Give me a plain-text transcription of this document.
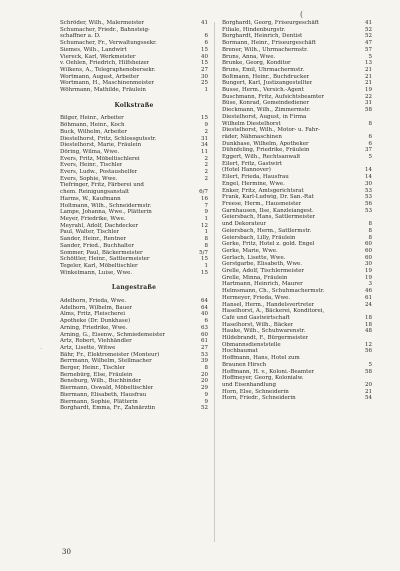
(
–
Schröder, Wilh., Malermeister	41
Schumacher, Friedr., Bahnsteig-
schaffner a. D.	6
Schumacher, Fr., Verwaltungssekr.	6
Siemes, Wilh., Landwirt	15
Viereck, Karl, Werkmeister	40
v. Oehlen, Friedrich, Hilfsheizer	15
Wilkens, A., Telegraphenobersekr.	27
Wortmann, August, Arbeiter	30
Wortmann, H., Maschinenmeister	25
Wöhrmann, Mathilde, Fräulein	1
Kolkstraße
Bilger, Heinr., Arbeiter	15
Böhmann, Heinr., Koch	9
Buck, Wilhelm, Arbeiter	2
Diestelhorst, Fritz, Schlossgutsstr.	31
Diestelhorst, Marie, Fräulein	34
Döring, Wilma, Wwe.	11
Evers, Fritz, Möbeltischlerei	2
Evers, Heinr., Tischler	2
Evers, Ludw., Postaushelfer	2
Evers, Sophie, Wwe.	2
Tiefringer, Fritz, Färberei und
chem. Reinigungsanstalt	6/7
Harms, W., Kaufmann	16
Holtmann, Wilh., Schneidermstr.	7
Lampe, Johanna, Wwe., Plätterin	9
Meyer, Friedrike, Wwe.	1
Meyrahl, Adolf, Dachdecker	12
Paul, Walter, Tischler	1
Sander, Heinr., Rentner	8
Sander, Fried., Buchhalter	8
Sommer, Paul, Bäckermeister	5/7
Schöttler, Heinr., Sattlermeister	15
Tegeler, Karl, Möbeltischler	1
Winkelmann, Luise, Wwe.	15
Langestraße
Adelhorn, Frieda, Wwe.	64
Adelhorn, Wilhelm, Bauer	64
Alms, Fritz, Fleischerei	40
Apotheke (Dr. Dunkhase)	6
Arning, Friedrike, Wwe.	63
Arning, G., Eisenw., Schmiedemeister	60
Artz, Robert, Viehhändler	61
Artz, Lisette, Witwe	27
Bähr, Fr., Elektromeister (Monteur)	53
Berrmann, Wilhelm, Stellmacher	39
Berger, Heinr., Tischler	8
Bernebürg, Else, Fräulein	20
Beneburg, Wilh., Buchbinder	20
Biermann, Oswald, Möbeltischler	29
Biermann, Elisabeth, Hausfrau	9
Biermann, Sophie, Plätterin	9
Borghardt, Emma, Fr., Zahnärztin	52
Borghardt, Georg, Friseurgeschäft	41
Filiale, Hindenburgstr.	52
Borghardt, Heinrich, Dentist	52
Bormann, Heinr., Friseurgeschäft	47
Brener, Wilh., Uhrmachermstr.	57
Bruns, Anna, Wwe.	5
Brunke, Georg, Konditor	13
Bruns, Emil, Uhrmachermstr.	21
Boltmann, Heinr., Buchdrucker	21
Bungert, Karl, Justizangestellter	21
Busse, Herm., Versich.-Agent	19
Buschmann, Fritz, Aufsichtsbeamter	22
Büse, Konrad, Gemeindediener	31
Dieckmann, Wilh., Zimmermstr.	58
Diestelhorst, August, in Firma
Wilhelm Diestelhorst	8
Diestelhorst, Wilh., Motor- u. Fahr-
räder, Nähmaschinen	6
Dunkhase, Wilhelm, Apotheker	6
Dühnfeling, Friedrike, Fräulein	37
Eggert, Wilh., Rechtsanwalt	5
Eilert, Fritz, Gastwirt
(Hotel Hannover)	14
Eilert, Frieda, Hausfrau	14
Engel, Hermine, Wwe.	30
Enker, Fritz, Amtsgerichtsrat	53
Frank, Karl-Ludwig, Dr. San.-Rat	53
Freese, Herm., Hausmeister	56
Garnhausen, Ilse, Kanzleiangest.	53
Geiersbach, Hans, Sattlermeister
und Dekorateur	8
Geiersbach, Herm., Sattlermstr.	8
Geiersbach, Lilly, Fräulein	8
Gerke, Fritz, Hotel z. gold. Engel	60
Gerke, Marie, Wwe.	60
Gerlach, Lisette, Wwe.	60
Gerstgarbe, Elisabeth, Wwe.	30
Grelle, Adolf, Tischlermeister	19
Grelle, Minna, Fräulein	19
Hartmann, Heinrich, Maurer	3
Helmsmann, Ch., Schuhmachermstr.	46
Hermeyer, Frieda, Wwe.	61
Hansel, Herm., Handelsvertreter	24
Haselhorst, A., Bäckerei, Konditorei,
Café und Gastwirtschaft	18
Haselhorst, Wilh., Bäcker	18
Hauke, Wilh., Schuhwarenstr.	48
Hildebrandt, F., Bürgermeister
Obmannsdienststelle	12
Hochbaumat	56
Hoffmann, Hans, Hotel zum
Braunen Hirsch	5
Hoffmann, H. v., Koloni.-Beamter	58
Hoffmeyer, Georg, Kolonialw.
und Eisenhandlung	20
Horn, Else, Schneiderin	21
Horn, Friedr., Schneiderin	54
30
